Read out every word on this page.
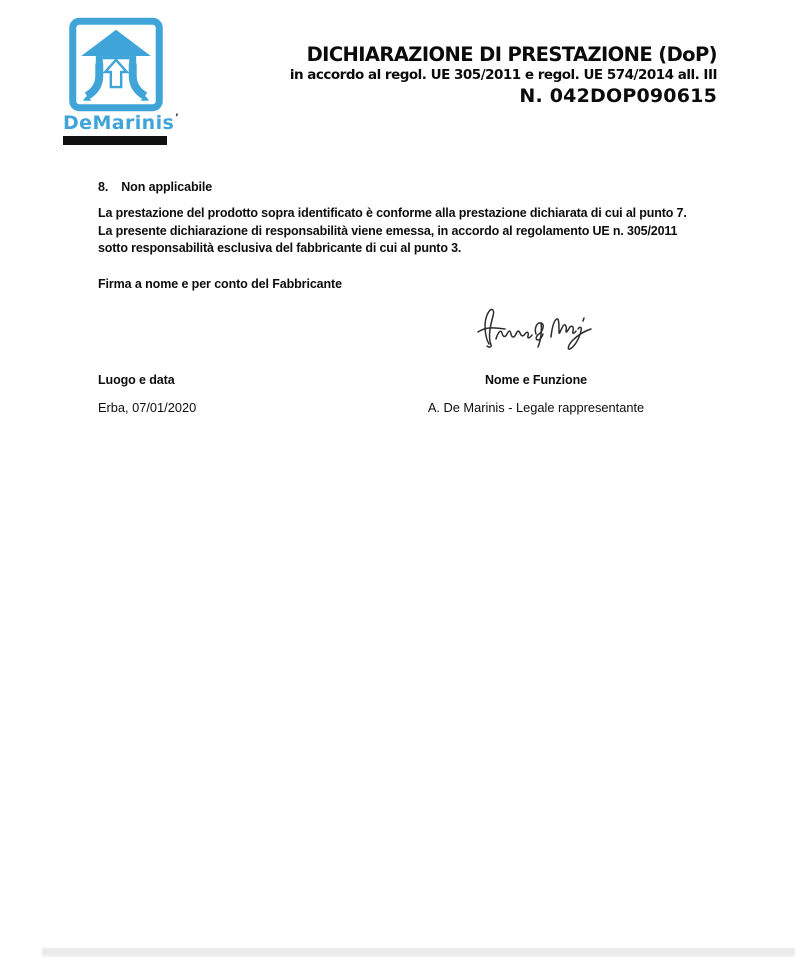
DeMarinis’
DICHIARAZIONE DI PRESTAZIONE (DoP)
in accordo al regol. UE 305/2011 e regol. UE 574/2014 all. III
N. 042DOP090615
8. Non applicabile
La prestazione del prodotto sopra identificato è conforme alla prestazione dichiarata di cui al punto 7.
La presente dichiarazione di responsabilità viene emessa, in accordo al regolamento UE n. 305/2011
sotto responsabilità esclusiva del fabbricante di cui al punto 3.
Firma a nome e per conto del Fabbricante
Luogo e data
Erba, 07/01/2020
Nome e Funzione
A. De Marinis - Legale rappresentante
